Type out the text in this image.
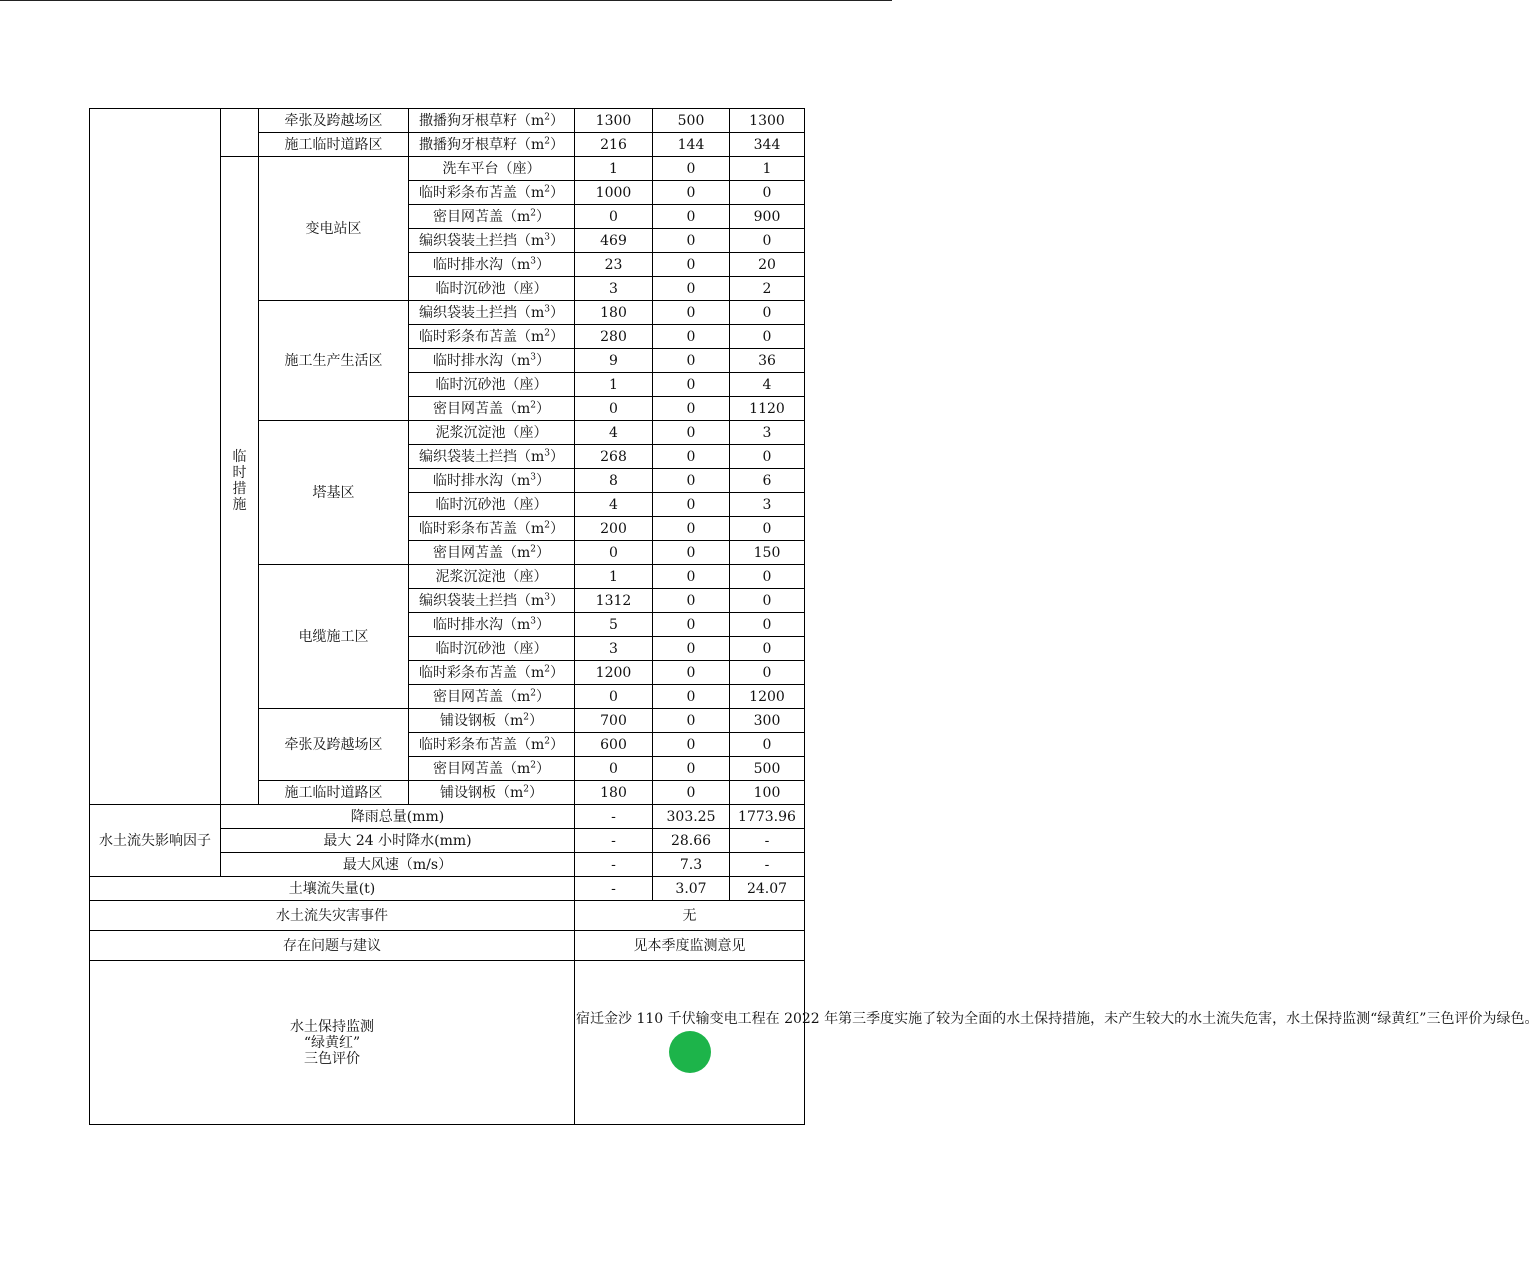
		牵张及跨越场区	撒播狗牙根草籽$(m^2)$	1300	500	1300
		施工临时道路区	撒播狗牙根草籽$(m^2)$	216	144	344

	临
时
措
施	变电站区	洗车平台（座）	1	0	1
			临时彩条布苫盖$(m^2)$	1000	0	0
			密目网苫盖$(m^2)$	0	0	900
			编织袋装土拦挡$(m^3)$	469	0	0
			临时排水沟$(m^3)$	23	0	20
			临时沉砂池（座）	3	0	2
		施工生产生活区	编织袋装土拦挡$(m^3)$	180	0	0
			临时彩条布苫盖$(m^2)$	280	0	0
			临时排水沟$(m^3)$	9	0	36
			临时沉砂池（座）	1	0	4
			密目网苫盖$(m^2)$	0	0	1120
		塔基区	泥浆沉淀池（座）	4	0	3
			编织袋装土拦挡$(m^3)$	268	0	0
			临时排水沟$(m^3)$	8	0	6
			临时沉砂池（座）	4	0	3
			临时彩条布苫盖$(m^2)$	200	0	0
			密目网苫盖$(m^2)$	0	0	150
		电缆施工区	泥浆沉淀池（座）	1	0	0
			编织袋装土拦挡$(m^3)$	1312	0	0
			临时排水沟$(m^3)$	5	0	0
			临时沉砂池（座）	3	0	0
			临时彩条布苫盖$(m^2)$	1200	0	0
			密目网苫盖$(m^2)$	0	0	1200
		牵张及跨越场区	铺设钢板$(m^2)$	700	0	300
			临时彩条布苫盖$(m^2)$	600	0	0
			密目网苫盖$(m^2)$	0	0	500
		施工临时道路区	铺设钢板$(m^2)$	180	0	100
水土流失影响因子	降雨总量(mm)			-	303.25	1773.96
	最大 24 小时降水(mm)			-	28.66	-
	最大风速（m/s）			-	7.3	-
土壤流失量(t)				-	3.07	24.07
水土流失灾害事件				无		
存在问题与建议				见本季度监测意见		

水土保持监测
“绿黄红”
三色评价				宿迁金沙 110 千伏输变电工程在 2022 年第三季度实施了较为全面的水土保持措施，未产生较大的水土流失危害，水土保持监测“绿黄红”三色评价为绿色。		
